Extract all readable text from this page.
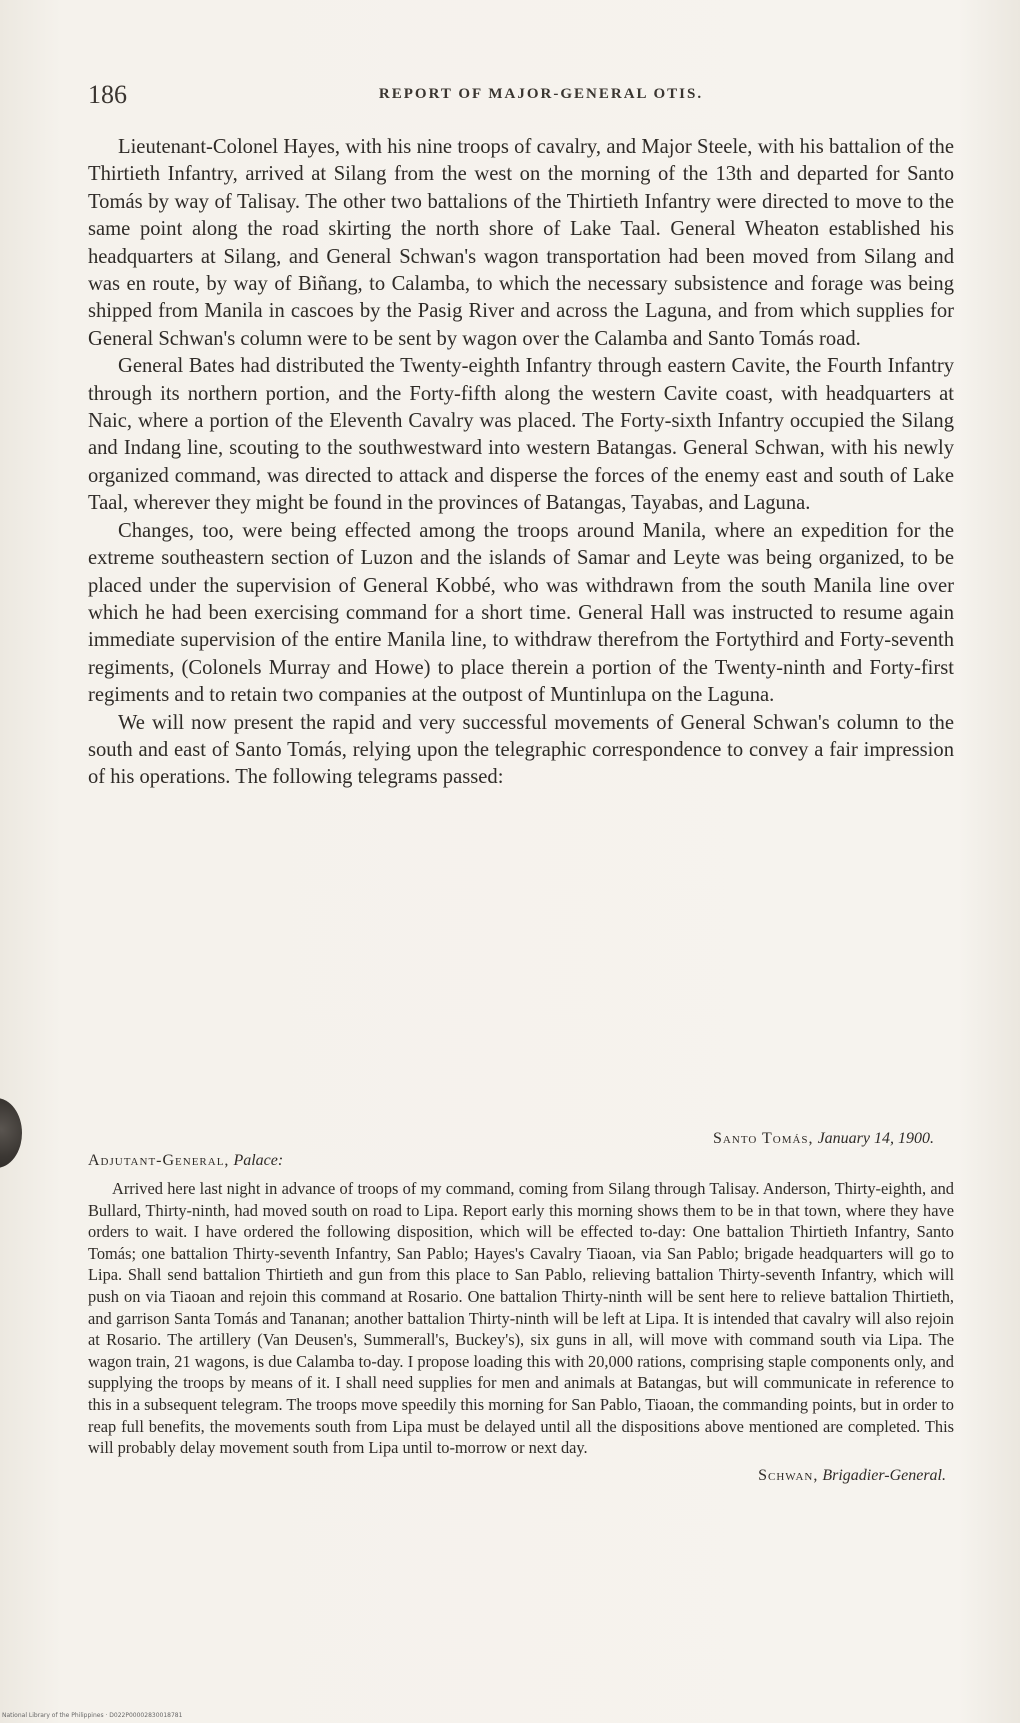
186	REPORT OF MAJOR-GENERAL OTIS.

Lieutenant-Colonel Hayes, with his nine troops of cavalry, and Major Steele, with his battalion of the Thirtieth Infantry, arrived at Silang from the west on the morning of the 13th and departed for Santo Tomás by way of Talisay. The other two battalions of the Thirtieth Infantry were directed to move to the same point along the road skirting the north shore of Lake Taal. General Wheaton established his headquarters at Silang, and General Schwan's wagon transportation had been moved from Silang and was en route, by way of Biñang, to Calamba, to which the necessary subsistence and forage was being shipped from Manila in cascoes by the Pasig River and across the Laguna, and from which supplies for General Schwan's column were to be sent by wagon over the Calamba and Santo Tomás road.

General Bates had distributed the Twenty-eighth Infantry through eastern Cavite, the Fourth Infantry through its northern portion, and the Forty-fifth along the western Cavite coast, with headquarters at Naic, where a portion of the Eleventh Cavalry was placed. The Forty-sixth Infantry occupied the Silang and Indang line, scouting to the southwestward into western Batangas. General Schwan, with his newly organized command, was directed to attack and disperse the forces of the enemy east and south of Lake Taal, wherever they might be found in the provinces of Batangas, Tayabas, and Laguna.

Changes, too, were being effected among the troops around Manila, where an expedition for the extreme southeastern section of Luzon and the islands of Samar and Leyte was being organized, to be placed under the supervision of General Kobbé, who was withdrawn from the south Manila line over which he had been exercising command for a short time. General Hall was instructed to resume again immediate supervision of the entire Manila line, to withdraw therefrom the Fortythird and Forty-seventh regiments, (Colonels Murray and Howe) to place therein a portion of the Twenty-ninth and Forty-first regiments and to retain two companies at the outpost of Muntinlupa on the Laguna.

We will now present the rapid and very successful movements of General Schwan's column to the south and east of Santo Tomás, relying upon the telegraphic correspondence to convey a fair impression of his operations. The following telegrams passed:

Santo Tomás, January 14, 1900.
Adjutant-General, Palace:

Arrived here last night in advance of troops of my command, coming from Silang through Talisay. Anderson, Thirty-eighth, and Bullard, Thirty-ninth, had moved south on road to Lipa. Report early this morning shows them to be in that town, where they have orders to wait. I have ordered the following disposition, which will be effected to-day: One battalion Thirtieth Infantry, Santo Tomás; one battalion Thirty-seventh Infantry, San Pablo; Hayes's Cavalry Tiaoan, via San Pablo; brigade headquarters will go to Lipa. Shall send battalion Thirtieth and gun from this place to San Pablo, relieving battalion Thirty-seventh Infantry, which will push on via Tiaoan and rejoin this command at Rosario. One battalion Thirty-ninth will be sent here to relieve battalion Thirtieth, and garrison Santa Tomás and Tananan; another battalion Thirty-ninth will be left at Lipa. It is intended that cavalry will also rejoin at Rosario. The artillery (Van Deusen's, Summerall's, Buckey's), six guns in all, will move with command south via Lipa. The wagon train, 21 wagons, is due Calamba to-day. I propose loading this with 20,000 rations, comprising staple components only, and supplying the troops by means of it. I shall need supplies for men and animals at Batangas, but will communicate in reference to this in a subsequent telegram. The troops move speedily this morning for San Pablo, Tiaoan, the commanding points, but in order to reap full benefits, the movements south from Lipa must be delayed until all the dispositions above mentioned are completed. This will probably delay movement south from Lipa until to-morrow or next day.

Schwan, Brigadier-General.
National Library of the Philippines · D022P00002830018781
